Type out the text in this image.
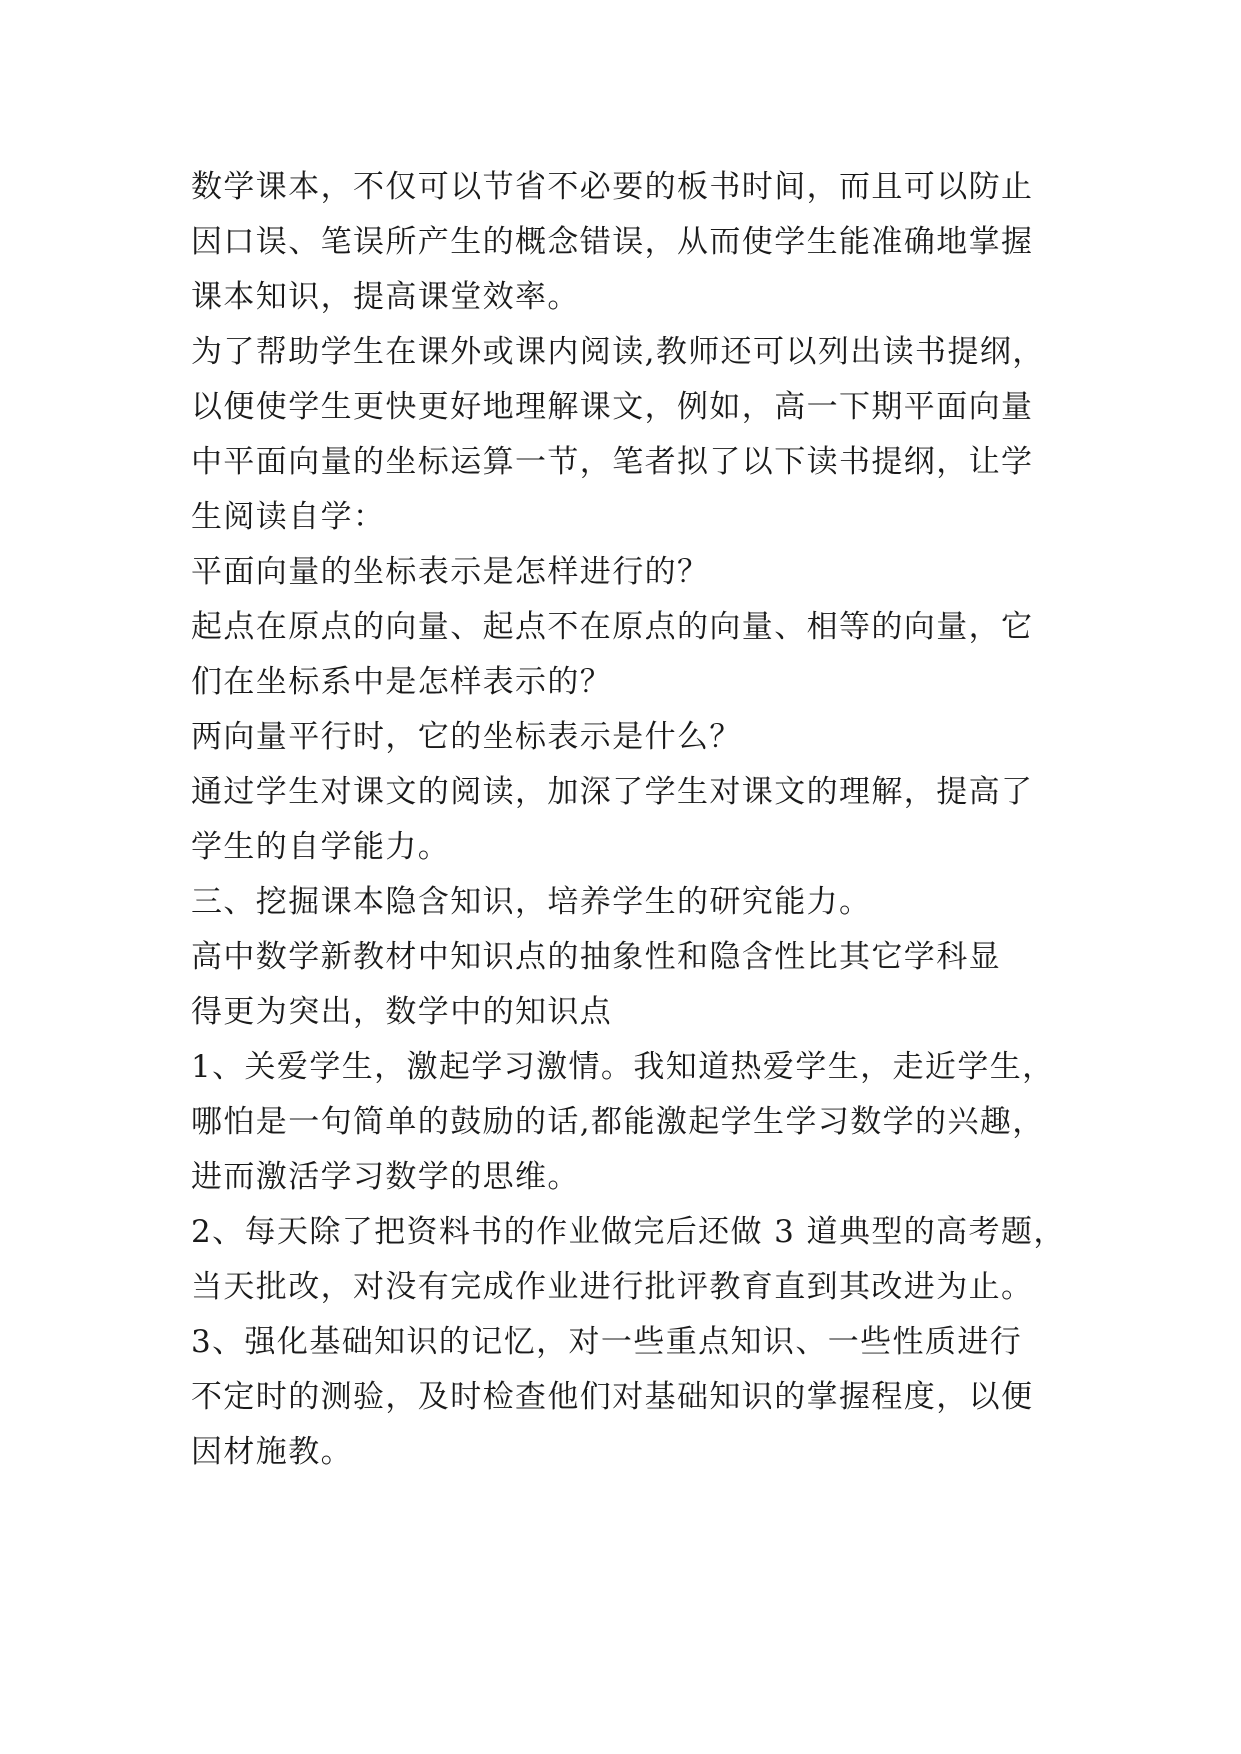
数学课本，不仅可以节省不必要的板书时间，而且可以防止
因口误、笔误所产生的概念错误，从而使学生能准确地掌握
课本知识，提高课堂效率。
为了帮助学生在课外或课内阅读,教师还可以列出读书提纲，
以便使学生更快更好地理解课文，例如，高一下期平面向量
中平面向量的坐标运算一节，笔者拟了以下读书提纲，让学
生阅读自学：
平面向量的坐标表示是怎样进行的？
起点在原点的向量、起点不在原点的向量、相等的向量，它
们在坐标系中是怎样表示的？
两向量平行时，它的坐标表示是什么？
通过学生对课文的阅读，加深了学生对课文的理解，提高了
学生的自学能力。
三、挖掘课本隐含知识，培养学生的研究能力。
高中数学新教材中知识点的抽象性和隐含性比其它学科显
得更为突出，数学中的知识点
1、关爱学生，激起学习激情。我知道热爱学生，走近学生，
哪怕是一句简单的鼓励的话,都能激起学生学习数学的兴趣，
进而激活学习数学的思维。
2、每天除了把资料书的作业做完后还做 3 道典型的高考题，
当天批改，对没有完成作业进行批评教育直到其改进为止。
3、强化基础知识的记忆，对一些重点知识、一些性质进行
不定时的测验，及时检查他们对基础知识的掌握程度，以便
因材施教。
